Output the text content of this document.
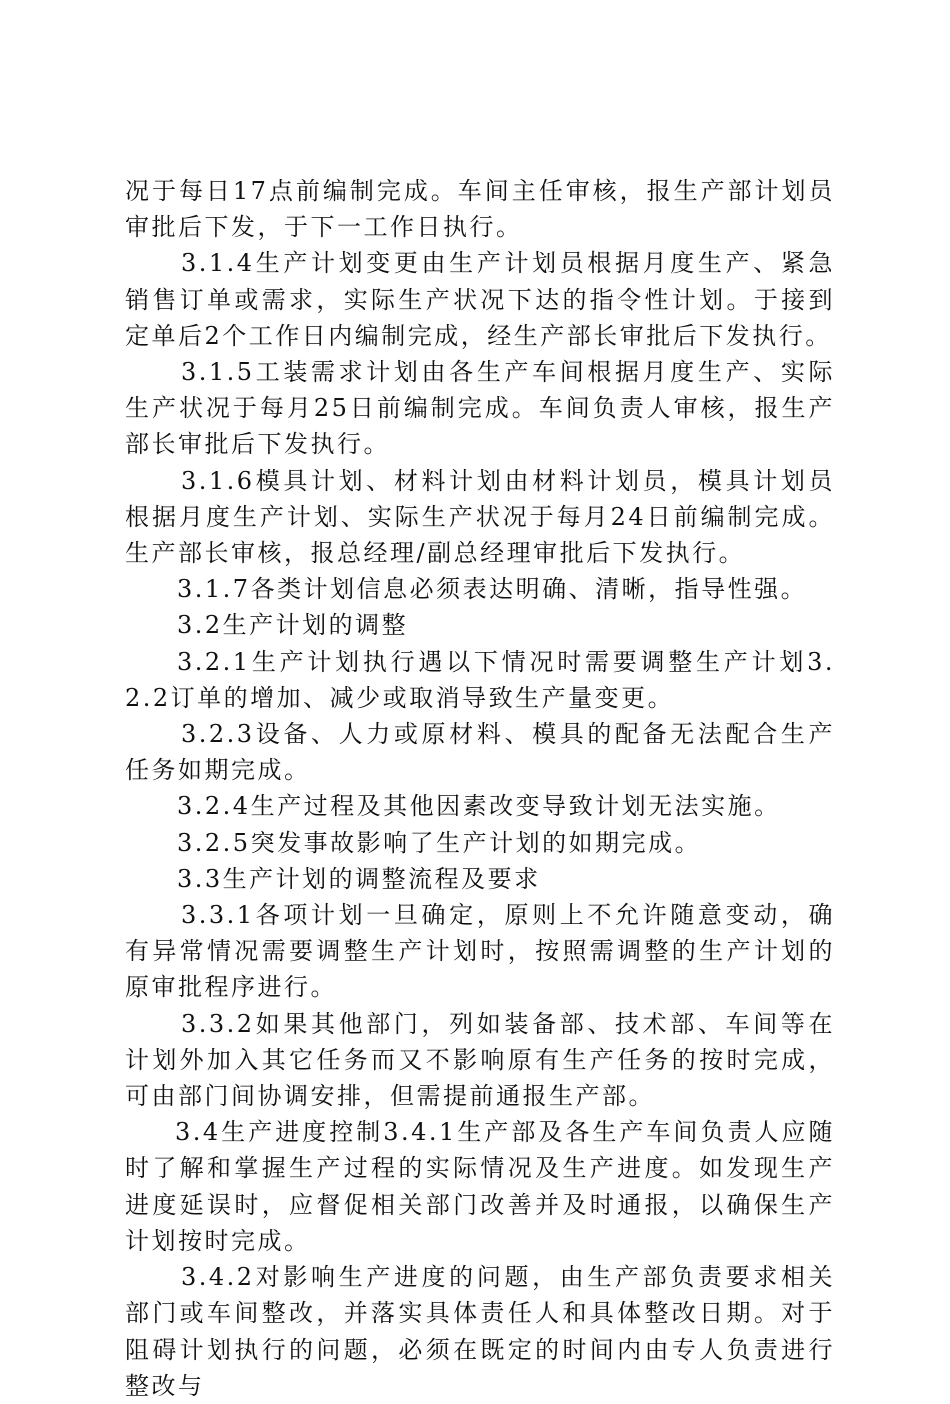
况于每日17点前编制完成。车间主任审核，报生产部计划员审批后下发，于下一工作日执行。

3.1.4生产计划变更由生产计划员根据月度生产、紧急销售订单或需求，实际生产状况下达的指令性计划。于接到定单后2个工作日内编制完成，经生产部长审批后下发执行。

3.1.5工装需求计划由各生产车间根据月度生产、实际生产状况于每月25日前编制完成。车间负责人审核，报生产部长审批后下发执行。

3.1.6模具计划、材料计划由材料计划员，模具计划员根据月度生产计划、实际生产状况于每月24日前编制完成。生产部长审核，报总经理/副总经理审批后下发执行。

3.1.7各类计划信息必须表达明确、清晰，指导性强。

3.2生产计划的调整

3.2.1生产计划执行遇以下情况时需要调整生产计划3.2.2订单的增加、减少或取消导致生产量变更。

3.2.3设备、人力或原材料、模具的配备无法配合生产任务如期完成。

3.2.4生产过程及其他因素改变导致计划无法实施。

3.2.5突发事故影响了生产计划的如期完成。

3.3生产计划的调整流程及要求

3.3.1各项计划一旦确定，原则上不允许随意变动，确有异常情况需要调整生产计划时，按照需调整的生产计划的原审批程序进行。

3.3.2如果其他部门，列如装备部、技术部、车间等在计划外加入其它任务而又不影响原有生产任务的按时完成，可由部门间协调安排，但需提前通报生产部。

3.4生产进度控制3.4.1生产部及各生产车间负责人应随时了解和掌握生产过程的实际情况及生产进度。如发现生产进度延误时，应督促相关部门改善并及时通报，以确保生产计划按时完成。

3.4.2对影响生产进度的问题，由生产部负责要求相关部门或车间整改，并落实具体责任人和具体整改日期。对于阻碍计划执行的问题，必须在既定的时间内由专人负责进行整改与
